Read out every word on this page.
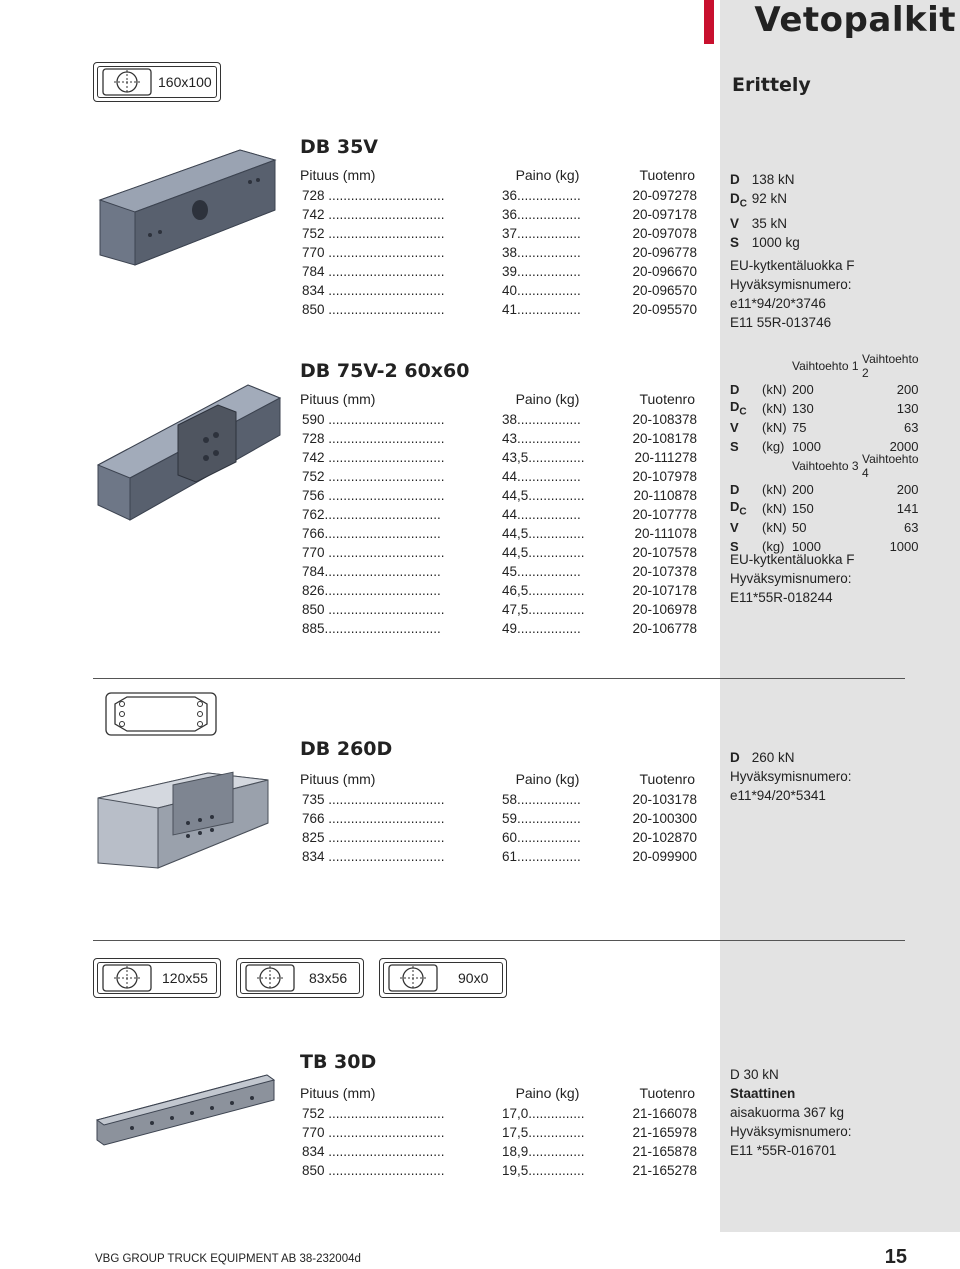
Vetopalkit
Erittely
160x100
DB 35V
Pituus (mm)	Paino (kg)	Tuotenro
728 ...............................	36.................	20-097278
742 ...............................	36.................	20-097178
752 ...............................	37.................	20-097078
770 ...............................	38.................	20-096778
784 ...............................	39.................	20-096670
834 ...............................	40.................	20-096570
850 ...............................	41.................	20-095570
D 138 kN
$D_C$ 92 kN
V 35 kN
S 1000 kg
EU-kytkentäluokka F
Hyväksymisnumero:
e11*94/20*3746
E11 55R-013746
DB 75V-2 60x60
Pituus (mm)	Paino (kg)	Tuotenro
590 ...............................	38.................	20-108378
728 ...............................	43.................	20-108178
742 ...............................	43,5...............	20-111278
752 ...............................	44.................	20-107978
756 ...............................	44,5...............	20-110878
762...............................	44.................	20-107778
766...............................	44,5...............	20-111078
770 ...............................	44,5...............	20-107578
784...............................	45.................	20-107378
826...............................	46,5...............	20-107178
850 ...............................	47,5...............	20-106978
885...............................	49.................	20-106778
		Vaihtoehto 1	Vaihtoehto 2
D	(kN)	200	200
$D_C$	(kN)	130	130
V	(kN)	75	63
S	(kg)	1000	2000
		Vaihtoehto 3	Vaihtoehto 4
D	(kN)	200	200
$D_C$	(kN)	150	141
V	(kN)	50	63
S	(kg)	1000	1000
EU-kytkentäluokka F
Hyväksymisnumero:
E11*55R-018244
DB 260D
Pituus (mm)	Paino (kg)	Tuotenro
735 ...............................	58.................	20-103178
766 ...............................	59.................	20-100300
825 ...............................	60.................	20-102870
834 ...............................	61.................	20-099900
D 260 kN
Hyväksymisnumero:
e11*94/20*5341
120x55	83x56	90x0
TB 30D
Pituus (mm)	Paino (kg)	Tuotenro
752 ...............................	17,0...............	21-166078
770 ...............................	17,5...............	21-165978
834 ...............................	18,9...............	21-165878
850 ...............................	19,5...............	21-165278
D 30 kN
Staattinen
aisakuorma 367 kg
Hyväksymisnumero:
E11 *55R-016701
VBG GROUP TRUCK EQUIPMENT AB 38-232004d	15
